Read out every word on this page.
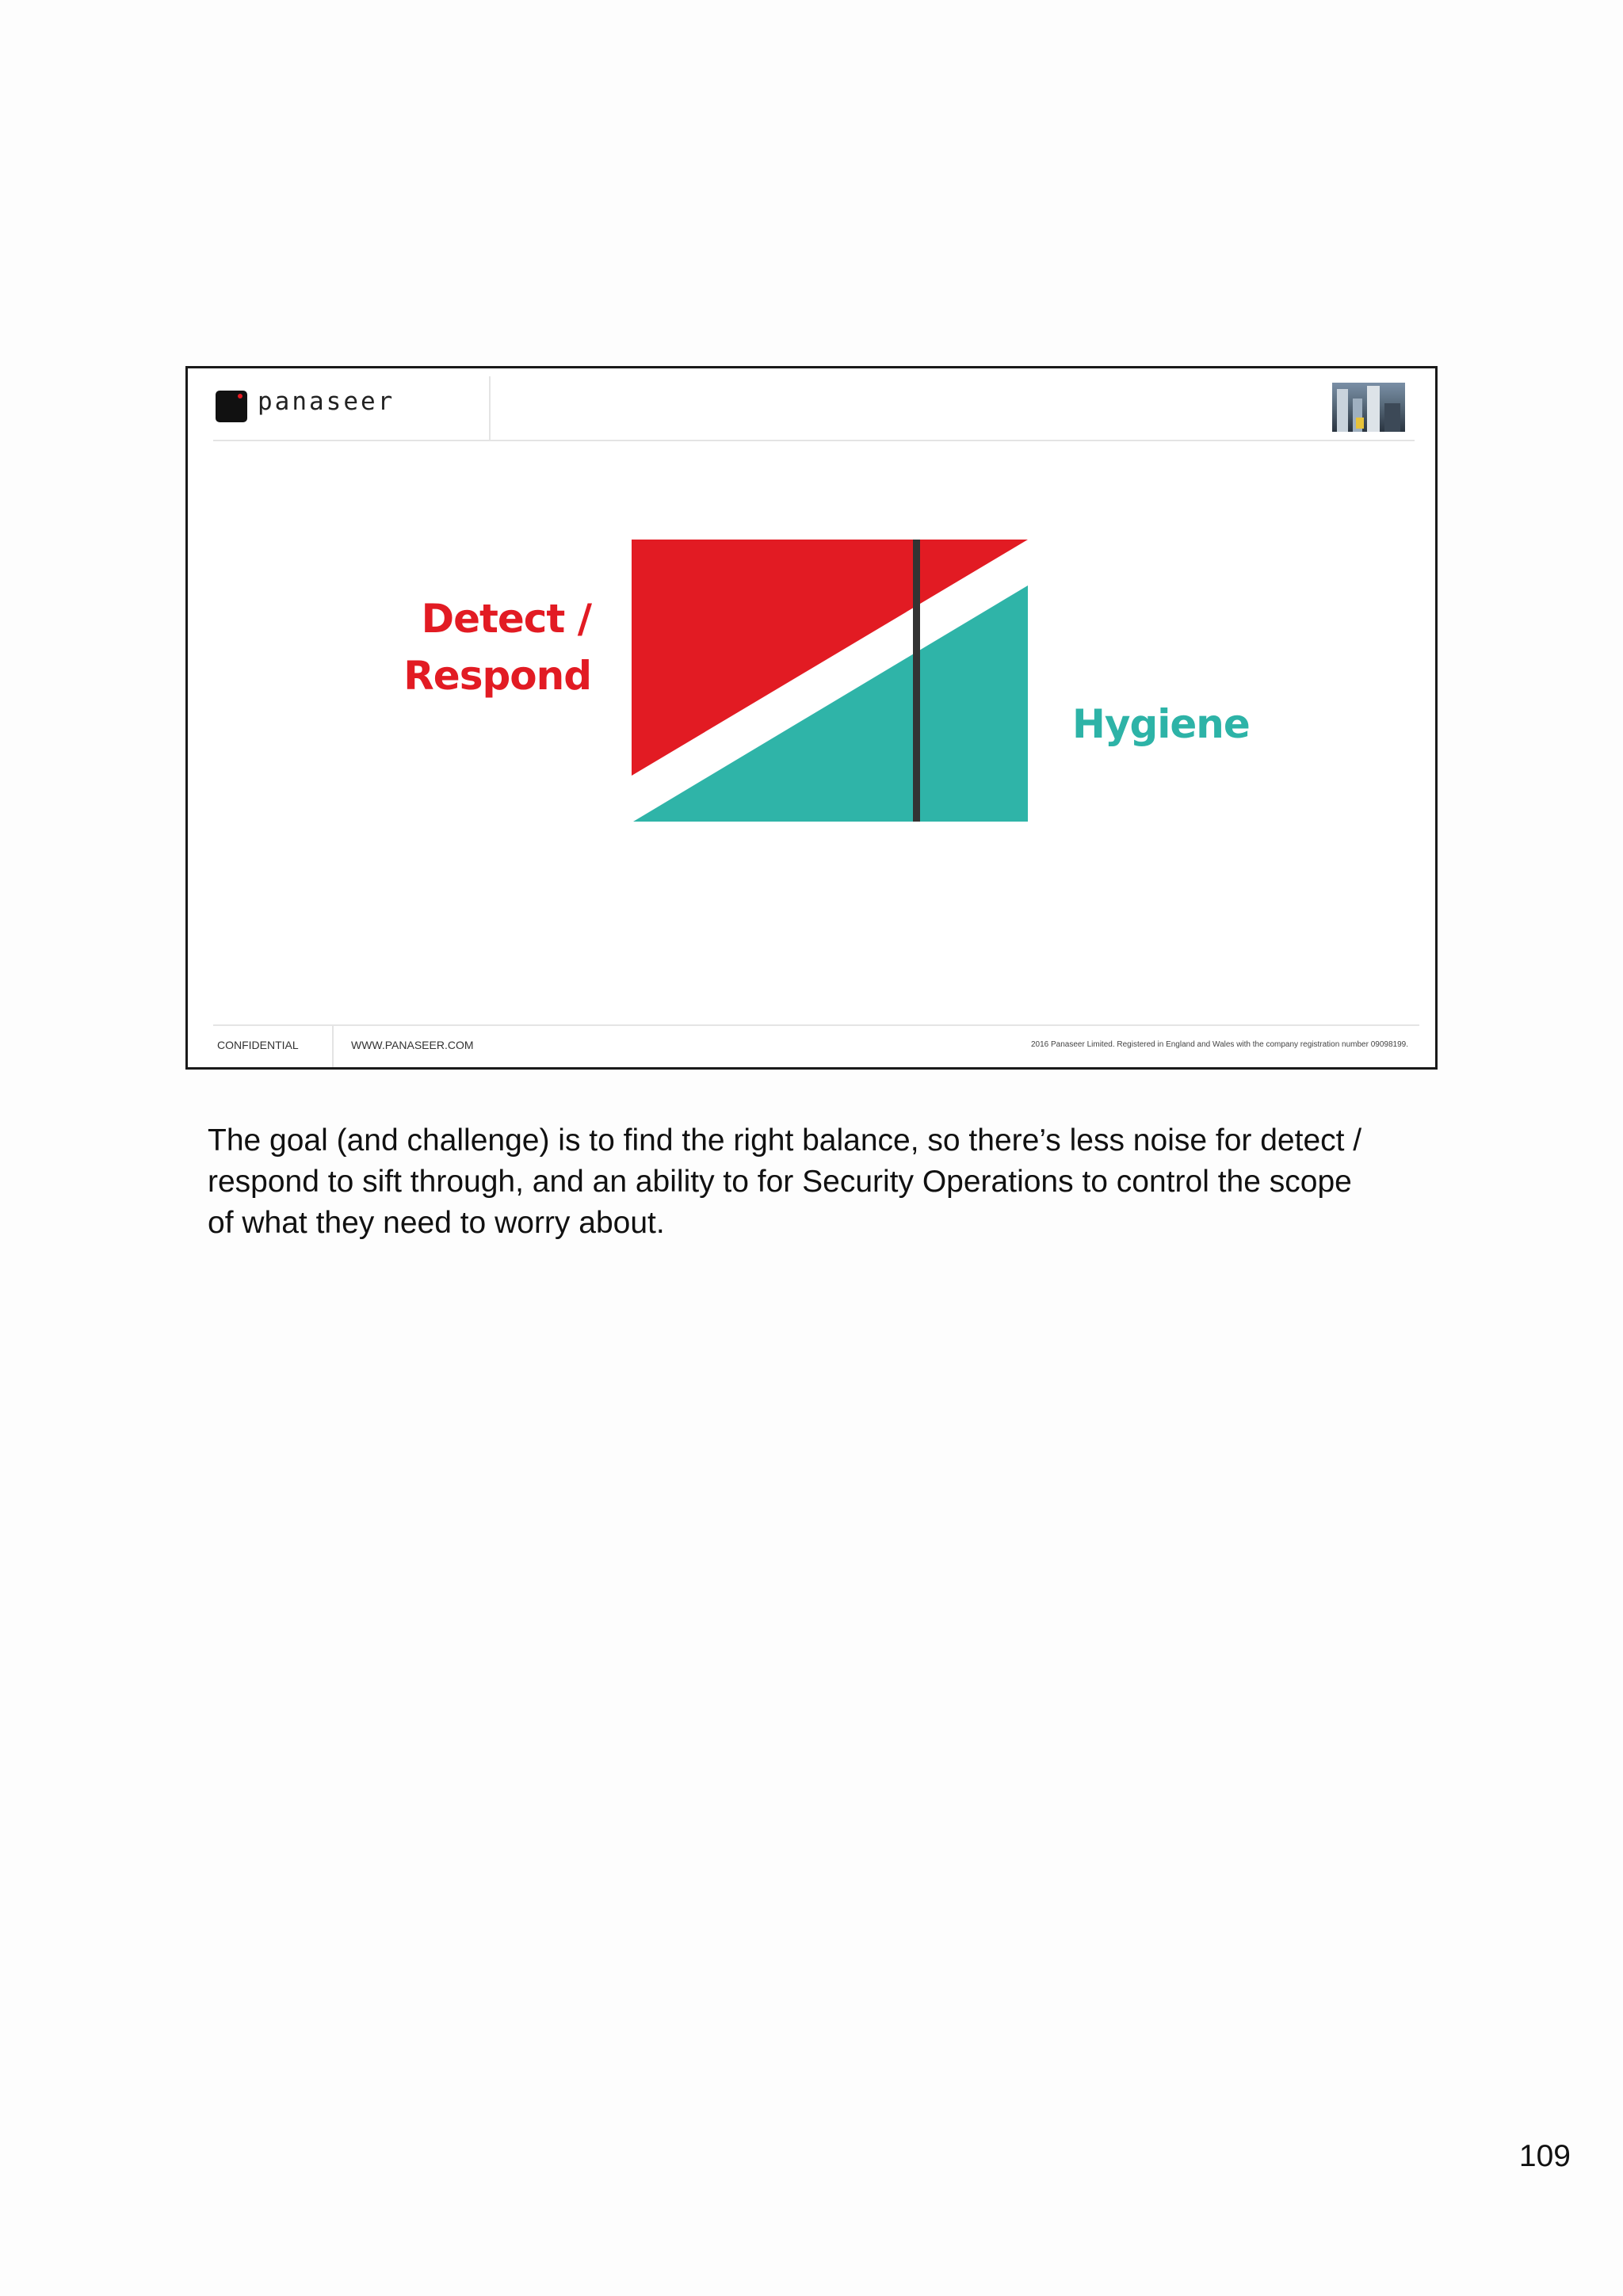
panaseer
Detect /
Respond
Hygiene
CONFIDENTIAL	WWW.PANASEER.COM	2016 Panaseer Limited. Registered in England and Wales with the company registration number 09098199.

The goal (and challenge) is to find the right balance, so there’s less noise for detect /

respond to sift through, and an ability to for Security Operations to control the scope

of what they need to worry about.

109
